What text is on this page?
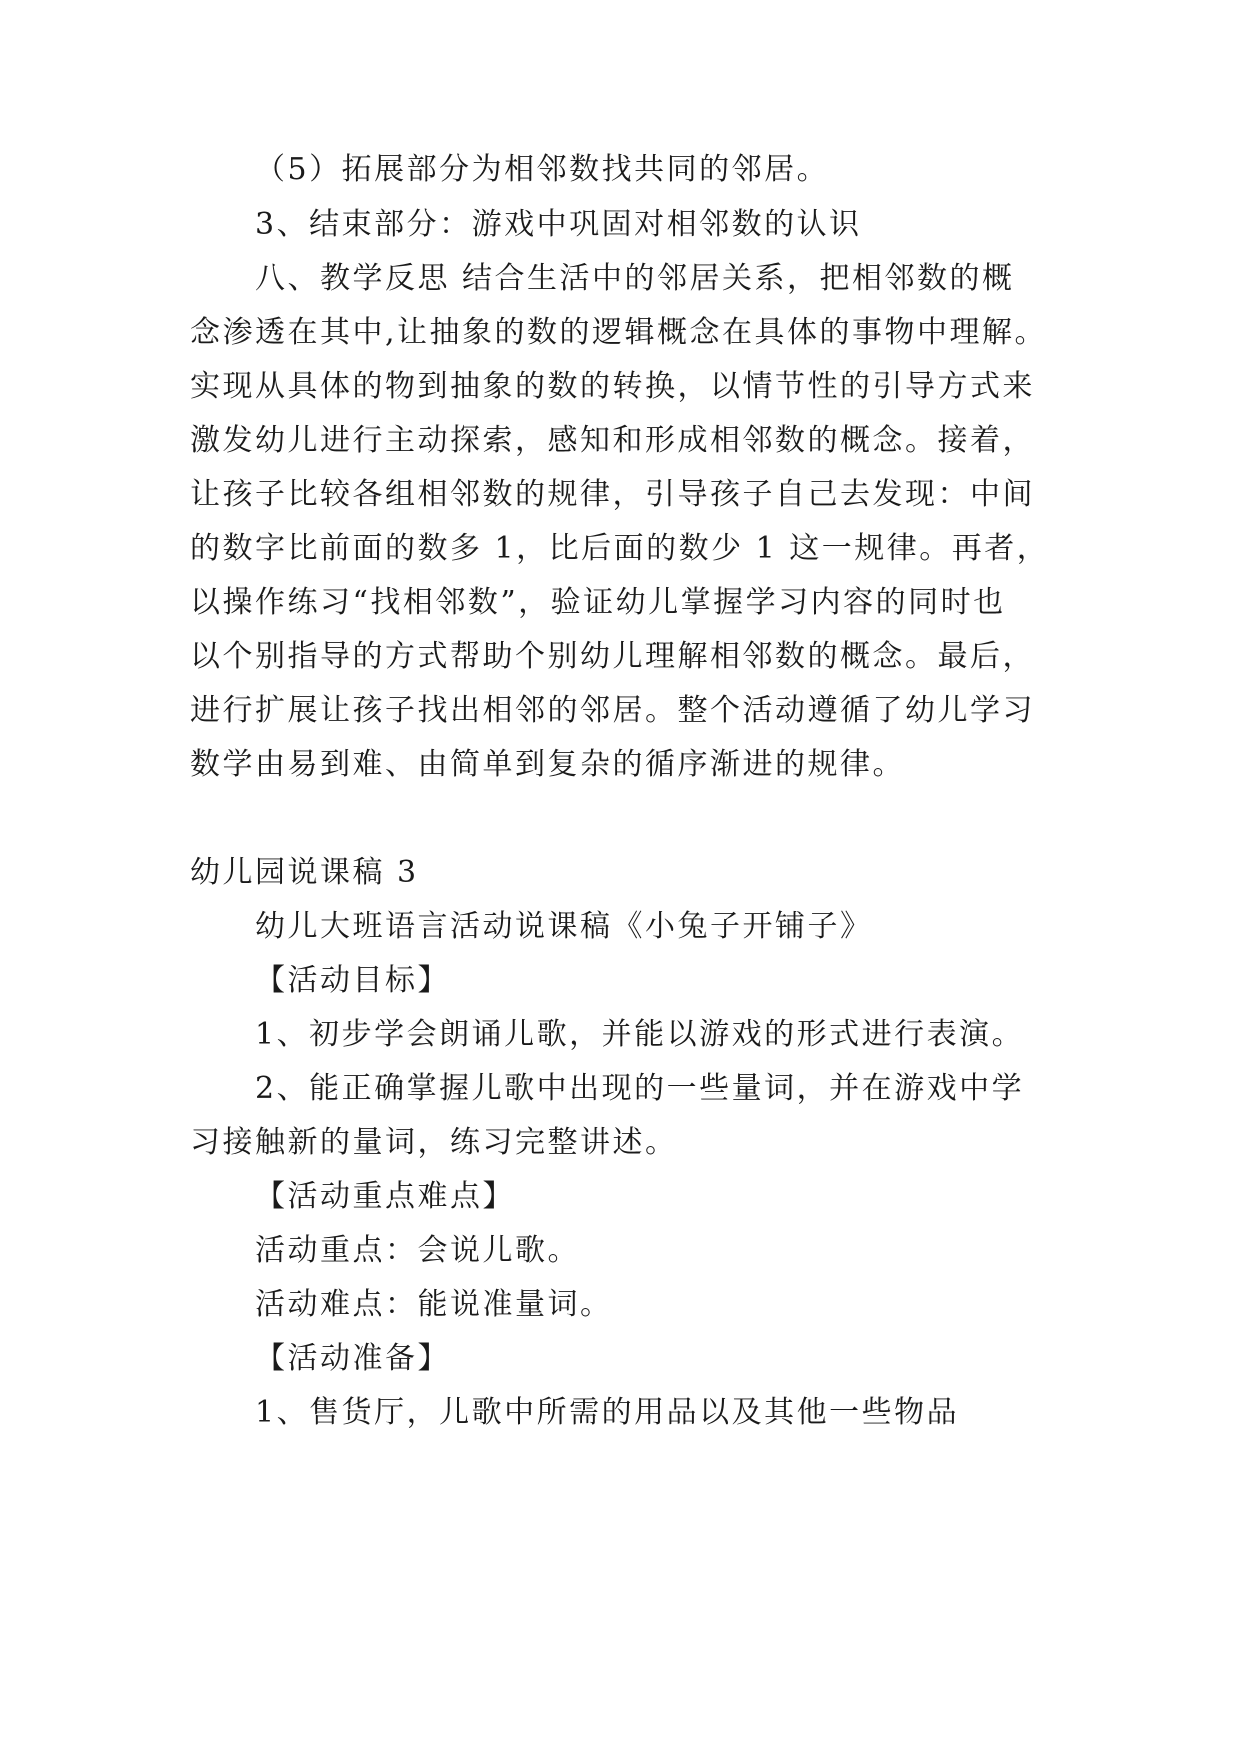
（5）拓展部分为相邻数找共同的邻居。
3、结束部分：游戏中巩固对相邻数的认识
八、教学反思 结合生活中的邻居关系，把相邻数的概
念渗透在其中,让抽象的数的逻辑概念在具体的事物中理解。
实现从具体的物到抽象的数的转换，以情节性的引导方式来
激发幼儿进行主动探索，感知和形成相邻数的概念。接着，
让孩子比较各组相邻数的规律，引导孩子自己去发现：中间
的数字比前面的数多 1，比后面的数少 1 这一规律。再者，
以操作练习“找相邻数”，验证幼儿掌握学习内容的同时也
以个别指导的方式帮助个别幼儿理解相邻数的概念。最后，
进行扩展让孩子找出相邻的邻居。整个活动遵循了幼儿学习
数学由易到难、由简单到复杂的循序渐进的规律。
幼儿园说课稿 3
幼儿大班语言活动说课稿《小兔子开铺子》
【活动目标】
1、初步学会朗诵儿歌，并能以游戏的形式进行表演。
2、能正确掌握儿歌中出现的一些量词，并在游戏中学
习接触新的量词，练习完整讲述。
【活动重点难点】
活动重点：会说儿歌。
活动难点：能说准量词。
【活动准备】
1、售货厅，儿歌中所需的用品以及其他一些物品
